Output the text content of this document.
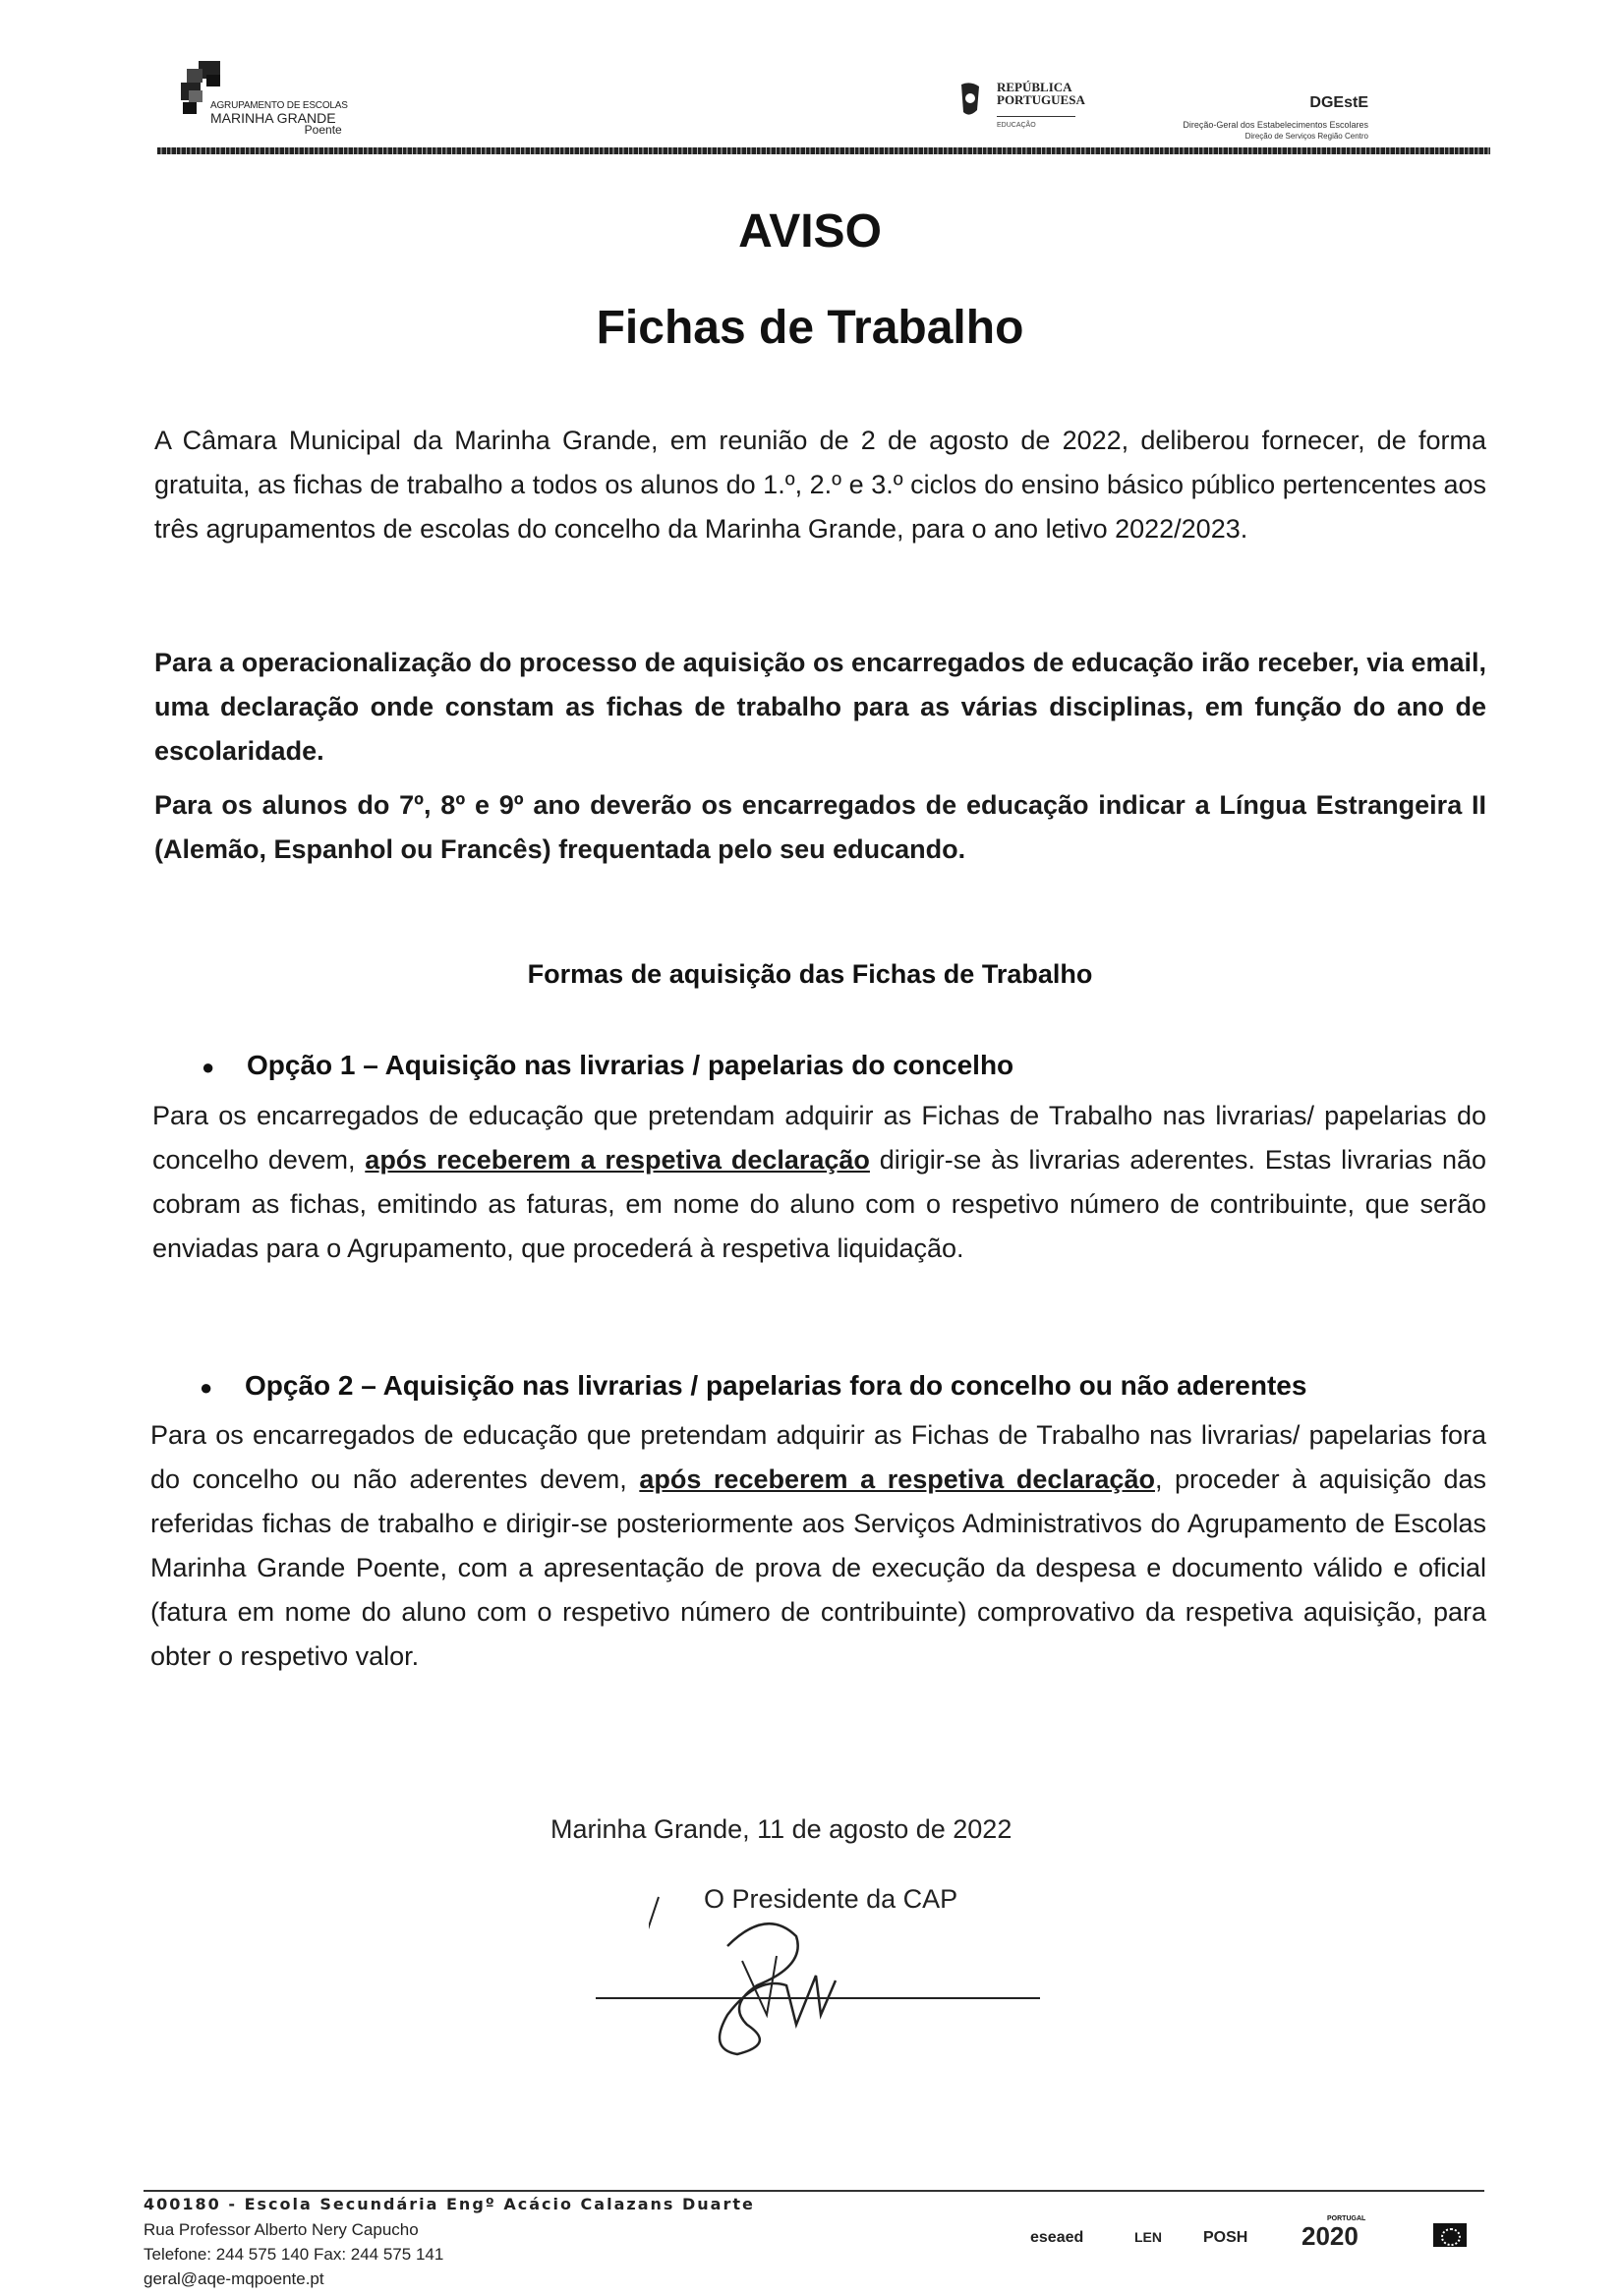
AGRUPAMENTO DE ESCOLAS
MARINHA GRANDE
Poente
REPÚBLICA
PORTUGUESA
EDUCAÇÃO
DGEstE
Direção-Geral dos Estabelecimentos Escolares
Direção de Serviços Região Centro
AVISO
Fichas de Trabalho
A Câmara Municipal da Marinha Grande, em reunião de 2 de agosto de 2022, deliberou fornecer, de forma gratuita, as fichas de trabalho a todos os alunos do 1.º, 2.º e 3.º ciclos do ensino básico público pertencentes aos três agrupamentos de escolas do concelho da Marinha Grande, para o ano letivo 2022/2023.
Para a operacionalização do processo de aquisição os encarregados de educação irão receber, via email, uma declaração onde constam as fichas de trabalho para as várias disciplinas, em função do ano de escolaridade.
Para os alunos do 7º, 8º e 9º ano deverão os encarregados de educação indicar a Língua Estrangeira II (Alemão, Espanhol ou Francês) frequentada pelo seu educando.
Formas de aquisição das Fichas de Trabalho
● Opção 1 – Aquisição nas livrarias / papelarias do concelho
Para os encarregados de educação que pretendam adquirir as Fichas de Trabalho nas livrarias/ papelarias do concelho devem, após receberem a respetiva declaração dirigir-se às livrarias aderentes. Estas livrarias não cobram as fichas, emitindo as faturas, em nome do aluno com o respetivo número de contribuinte, que serão enviadas para o Agrupamento, que procederá à respetiva liquidação.
● Opção 2 – Aquisição nas livrarias / papelarias fora do concelho ou não aderentes
Para os encarregados de educação que pretendam adquirir as Fichas de Trabalho nas livrarias/ papelarias fora do concelho ou não aderentes devem, após receberem a respetiva declaração, proceder à aquisição das referidas fichas de trabalho e dirigir-se posteriormente aos Serviços Administrativos do Agrupamento de Escolas Marinha Grande Poente, com a apresentação de prova de execução da despesa e documento válido e oficial (fatura em nome do aluno com o respetivo número de contribuinte) comprovativo da respetiva aquisição, para obter o respetivo valor.
Marinha Grande, 11 de agosto de 2022
O Presidente da CAP
400180 - Escola Secundária Engº Acácio Calazans Duarte
Rua Professor Alberto Nery Capucho
Telefone: 244 575 140 Fax: 244 575 141
geral@aqe-mqpoente.pt
eseaed	LEN	POSH
PORTUGAL
2020
